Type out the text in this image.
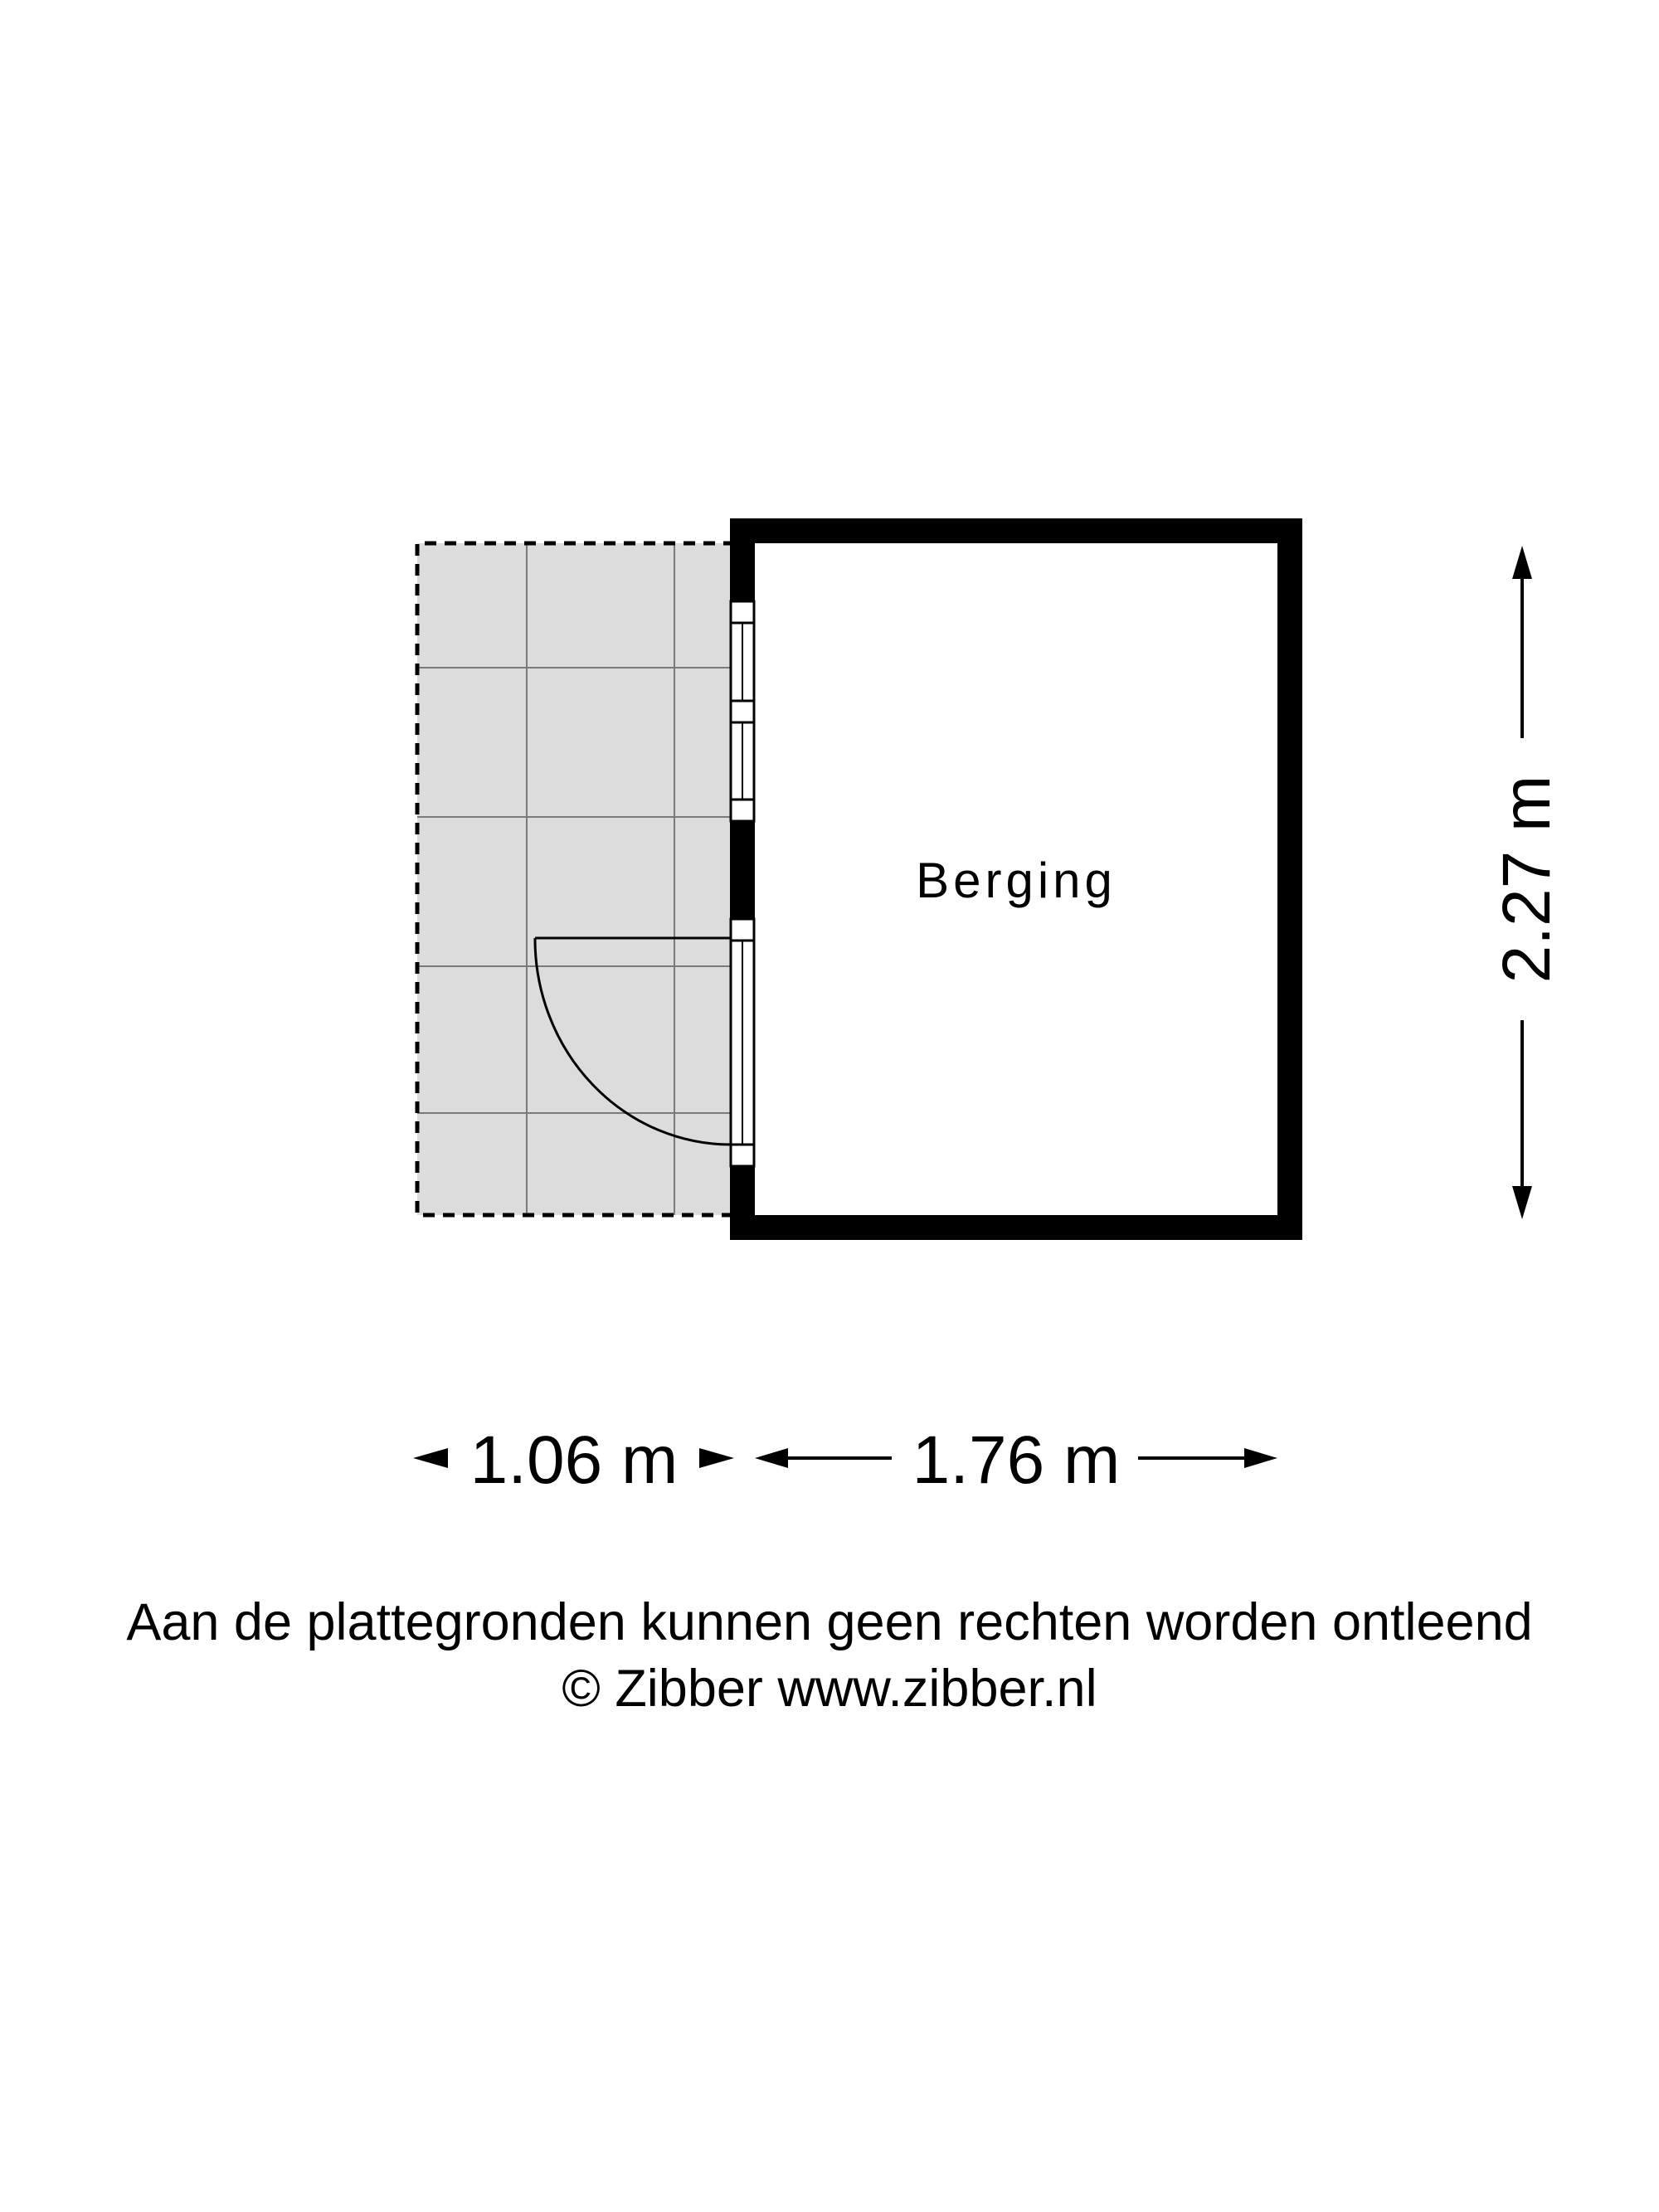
Berging	2.27 m
1.06 m	1.76 m
Aan de plattegronden kunnen geen rechten worden ontleend
© Zibber www.zibber.nl
